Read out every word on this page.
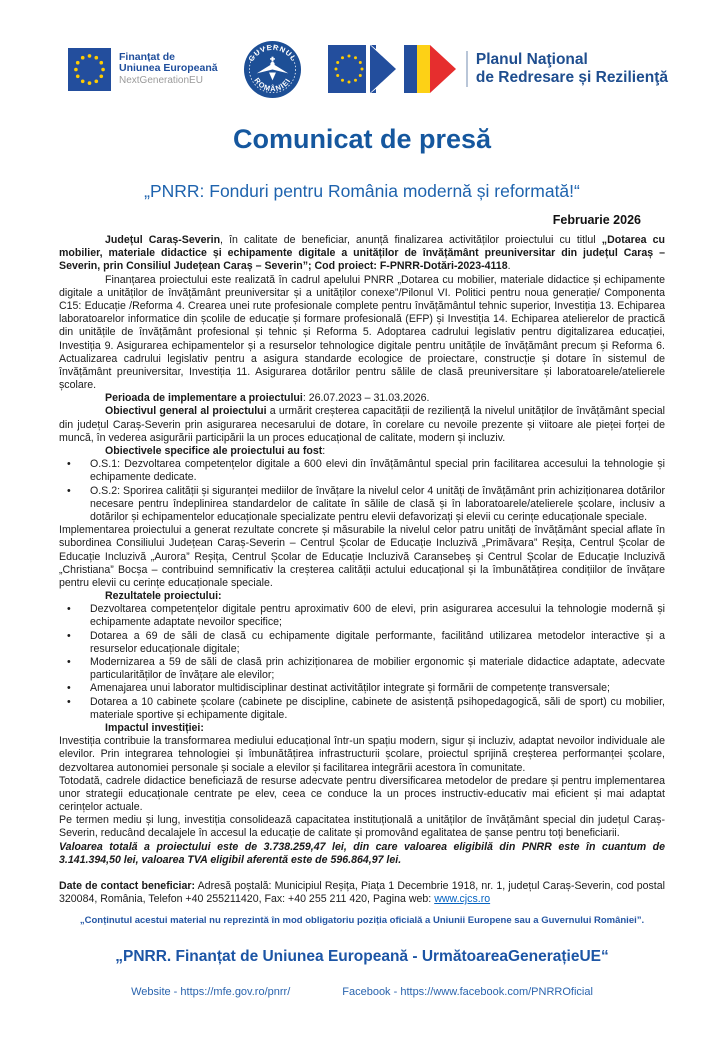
Finanțat de
Uniunea Europeană
NextGenerationEU
GUVERNUL
ROMÂNIEI
Planul Naţional
de Redresare și Rezilienţă
Comunicat de presă
„PNRR: Fonduri pentru România modernă și reformată!“
Februarie 2026

Județul Caraș-Severin, în calitate de beneficiar, anunță finalizarea activităților proiectului cu titlul „Dotarea cu mobilier, materiale didactice și echipamente digitale a unităților de învățământ preuniversitar din județul Caraș – Severin, prin Consiliul Județean Caraș – Severin”; Cod proiect: F-PNRR-Dotări-2023-4118.

Finanțarea proiectului este realizată în cadrul apelului PNRR „Dotarea cu mobilier, materiale didactice și echipamente digitale a unităților de învățământ preuniversitar și a unităților conexe”/Pilonul VI. Politici pentru noua generație/ Componenta C15: Educație /Reforma 4. Crearea unei rute profesionale complete pentru învățământul tehnic superior, Investiția 13. Echiparea laboratoarelor informatice din școlile de educație și formare profesională (EFP) și Investiția 14. Echiparea atelierelor de practică din unitățile de învățământ profesional și tehnic și Reforma 5. Adoptarea cadrului legislativ pentru digitalizarea educației, Investiția 9. Asigurarea echipamentelor și a resurselor tehnologice digitale pentru unitățile de învățământ precum și Reforma 6. Actualizarea cadrului legislativ pentru a asigura standarde ecologice de proiectare, construcție și dotare în sistemul de învățământ preuniversitar, Investiția 11. Asigurarea dotărilor pentru sălile de clasă preuniversitare și laboratoarele/atelierele școlare.

Perioada de implementare a proiectului: 26.07.2023 – 31.03.2026.

Obiectivul general al proiectului a urmărit creșterea capacității de reziliență la nivelul unităților de învățământ special din județul Caraș-Severin prin asigurarea necesarului de dotare, în corelare cu nevoile prezente și viitoare ale pieței forței de muncă, în vederea asigurării participării la un proces educațional de calitate, modern și incluziv.

Obiectivele specifice ale proiectului au fost:

• O.S.1: Dezvoltarea competențelor digitale a 600 elevi din învățământul special prin facilitarea accesului la tehnologie și echipamente dedicate.
• O.S.2: Sporirea calității și siguranței mediilor de învățare la nivelul celor 4 unități de învățământ prin achiziționarea dotărilor necesare pentru îndeplinirea standardelor de calitate în sălile de clasă și în laboratoarele/atelierele școlare, inclusiv a dotărilor și echipamentelor educaționale specializate pentru elevii defavorizați și elevii cu cerințe educaționale speciale.

Implementarea proiectului a generat rezultate concrete și măsurabile la nivelul celor patru unități de învățământ special aflate în subordinea Consiliului Județean Caraș-Severin – Centrul Școlar de Educație Incluzivă „Primăvara” Reșița, Centrul Școlar de Educație Incluzivă „Aurora” Reșița, Centrul Școlar de Educație Incluzivă Caransebeș și Centrul Școlar de Educație Incluzivă „Christiana” Bocșa – contribuind semnificativ la creșterea calității actului educațional și la îmbunătățirea condițiilor de învățare pentru elevii cu cerințe educaționale speciale.

Rezultatele proiectului:

• Dezvoltarea competențelor digitale pentru aproximativ 600 de elevi, prin asigurarea accesului la tehnologie modernă și echipamente adaptate nevoilor specifice;
• Dotarea a 69 de săli de clasă cu echipamente digitale performante, facilitând utilizarea metodelor interactive și a resurselor educaționale digitale;
• Modernizarea a 59 de săli de clasă prin achiziționarea de mobilier ergonomic și materiale didactice adaptate, adecvate particularităților de învățare ale elevilor;
• Amenajarea unui laborator multidisciplinar destinat activităților integrate și formării de competențe transversale;
• Dotarea a 10 cabinete școlare (cabinete pe discipline, cabinete de asistență psihopedagogică, săli de sport) cu mobilier, materiale sportive și echipamente digitale.

Impactul investiției:

Investiția contribuie la transformarea mediului educațional într-un spațiu modern, sigur și incluziv, adaptat nevoilor individuale ale elevilor. Prin integrarea tehnologiei și îmbunătățirea infrastructurii școlare, proiectul sprijină creșterea performanței școlare, dezvoltarea autonomiei personale și sociale a elevilor și facilitarea integrării acestora în comunitate.

Totodată, cadrele didactice beneficiază de resurse adecvate pentru diversificarea metodelor de predare și pentru implementarea unor strategii educaționale centrate pe elev, ceea ce conduce la un proces instructiv-educativ mai eficient și mai adaptat cerințelor actuale.

Pe termen mediu și lung, investiția consolidează capacitatea instituțională a unităților de învățământ special din județul Caraș-Severin, reducând decalajele în accesul la educație de calitate și promovând egalitatea de șanse pentru toți beneficiarii.

Valoarea totală a proiectului este de 3.738.259,47 lei, din care valoarea eligibilă din PNRR este în cuantum de 3.141.394,50 lei, valoarea TVA eligibil aferentă este de 596.864,97 lei.

Date de contact beneficiar: Adresă poștală: Municipiul Reșița, Piața 1 Decembrie 1918, nr. 1, județul Caraș-Severin, cod postal 320084, România, Telefon +40 255211420, Fax: +40 255 211 420, Pagina web: www.cjcs.ro

„Conținutul acestui material nu reprezintă în mod obligatoriu poziția oficială a Uniunii Europene sau a Guvernului României”.
„PNRR. Finanțat de Uniunea Europeană - UrmătoareaGenerațieUE“
Website - https://mfe.gov.ro/pnrr/	Facebook - https://www.facebook.com/PNRROficial
